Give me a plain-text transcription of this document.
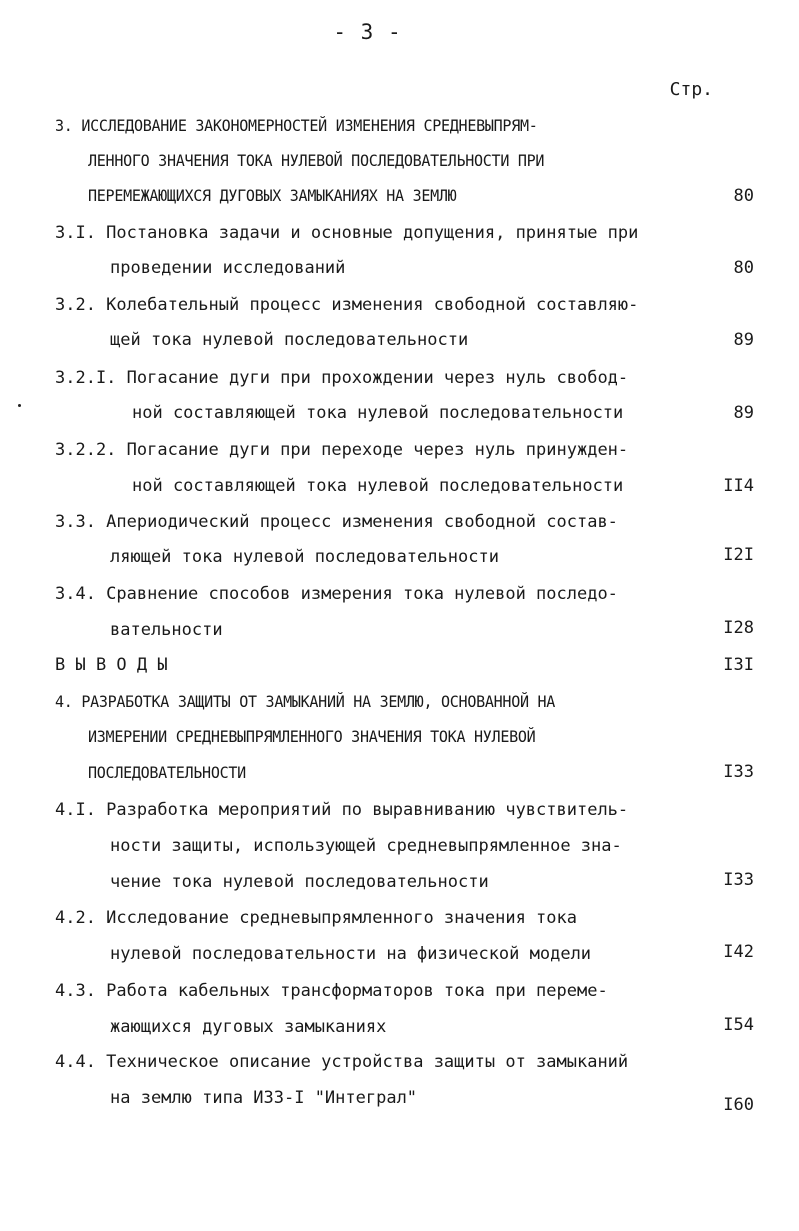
- 3 -
Стр.
3. ИССЛЕДОВАНИЕ ЗАКОНОМЕРНОСТЕЙ ИЗМЕНЕНИЯ СРЕДНЕВЫПРЯМ-
ЛЕННОГО ЗНАЧЕНИЯ ТОКА НУЛЕВОЙ ПОСЛЕДОВАТЕЛЬНОСТИ ПРИ
ПЕРЕМЕЖАЮЩИХСЯ ДУГОВЫХ ЗАМЫКАНИЯХ НА ЗЕМЛЮ	80
3.I. Постановка задачи и основные допущения, принятые при
проведении исследований	80
3.2. Колебательный процесс изменения свободной составляю-
щей тока нулевой последовательности	89
3.2.I. Погасание дуги при прохождении через нуль свобод-
ной составляющей тока нулевой последовательности	89
3.2.2. Погасание дуги при переходе через нуль принужден-
ной составляющей тока нулевой последовательности	II4
3.3. Апериодический процесс изменения свободной состав-
ляющей тока нулевой последовательности	I2I
3.4. Сравнение способов измерения тока нулевой последо-
вательности	I28
В Ы В О Д Ы	I3I
4. РАЗРАБОТКА ЗАЩИТЫ ОТ ЗАМЫКАНИЙ НА ЗЕМЛЮ, ОСНОВАННОЙ НА
ИЗМЕРЕНИИ СРЕДНЕВЫПРЯМЛЕННОГО ЗНАЧЕНИЯ ТОКА НУЛЕВОЙ
ПОСЛЕДОВАТЕЛЬНОСТИ	I33
4.I. Разработка мероприятий по выравниванию чувствитель-
ности защиты, использующей средневыпрямленное зна-
чение тока нулевой последовательности	I33
4.2. Исследование средневыпрямленного значения тока
нулевой последовательности на физической модели	I42
4.3. Работа кабельных трансформаторов тока при переме-
жающихся дуговых замыканиях	I54
4.4. Техническое описание устройства защиты от замыканий
на землю типа ИЗЗ-I "Интеграл"	I60
